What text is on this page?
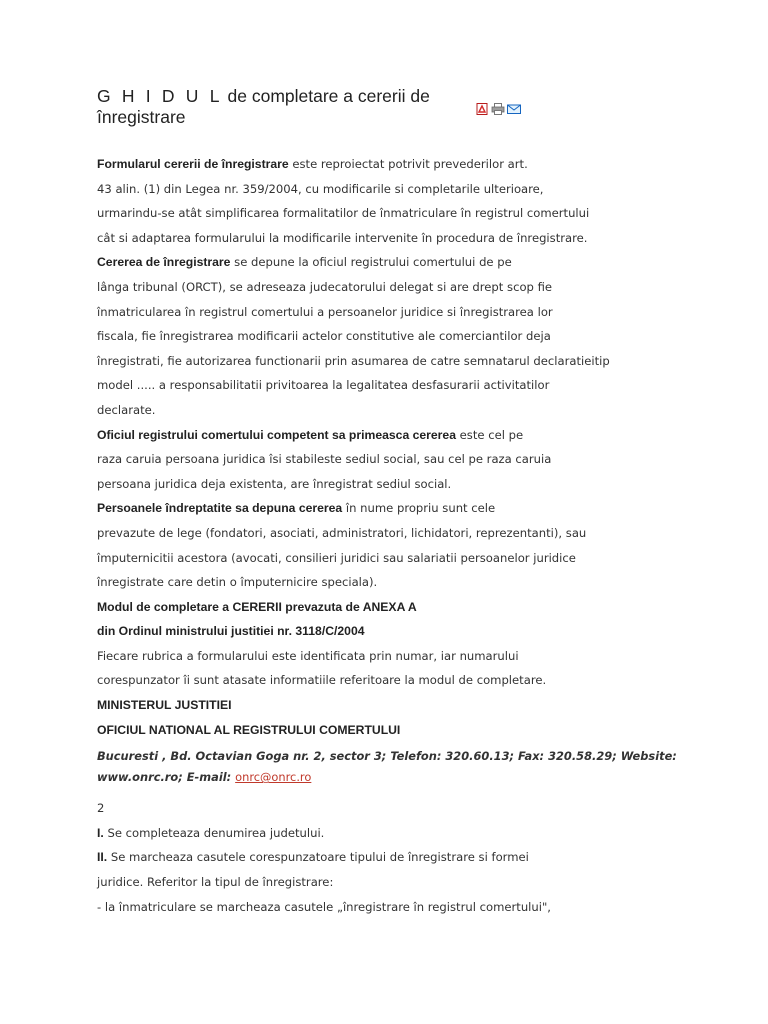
G H I D U L de completare a cererii de înregistrare
Formularul cererii de înregistrare este reproiectat potrivit prevederilor art.
43 alin. (1) din Legea nr. 359/2004, cu modificarile si completarile ulterioare,
urmarindu-se atât simplificarea formalitatilor de înmatriculare în registrul comertului
cât si adaptarea formularului la modificarile intervenite în procedura de înregistrare.
Cererea de înregistrare se depune la oficiul registrului comertului de pe
lânga tribunal (ORCT), se adreseaza judecatorului delegat si are drept scop fie
înmatricularea în registrul comertului a persoanelor juridice si înregistrarea lor
fiscala, fie înregistrarea modificarii actelor constitutive ale comerciantilor deja
înregistrati, fie autorizarea functionarii prin asumarea de catre semnatarul declaratieitip
model ..... a responsabilitatii privitoarea la legalitatea desfasurarii activitatilor
declarate.
Oficiul registrului comertului competent sa primeasca cererea este cel pe
raza caruia persoana juridica îsi stabileste sediul social, sau cel pe raza caruia
persoana juridica deja existenta, are înregistrat sediul social.
Persoanele îndreptatite sa depuna cererea în nume propriu sunt cele
prevazute de lege (fondatori, asociati, administratori, lichidatori, reprezentanti), sau
împuternicitii acestora (avocati, consilieri juridici sau salariatii persoanelor juridice
înregistrate care detin o împuternicire speciala).
Modul de completare a CERERII prevazuta de ANEXA A
din Ordinul ministrului justitiei nr. 3118/C/2004
Fiecare rubrica a formularului este identificata prin numar, iar numarului
corespunzator îi sunt atasate informatiile referitoare la modul de completare.
MINISTERUL JUSTITIEI
OFICIUL NATIONAL AL REGISTRULUI COMERTULUI
Bucuresti , Bd. Octavian Goga nr. 2, sector 3; Telefon: 320.60.13; Fax: 320.58.29; Website: www.onrc.ro; E-mail: onrc@onrc.ro
2
I. Se completeaza denumirea judetului.
II. Se marcheaza casutele corespunzatoare tipului de înregistrare si formei
juridice. Referitor la tipul de înregistrare:
- la înmatriculare se marcheaza casutele „înregistrare în registrul comertului",
